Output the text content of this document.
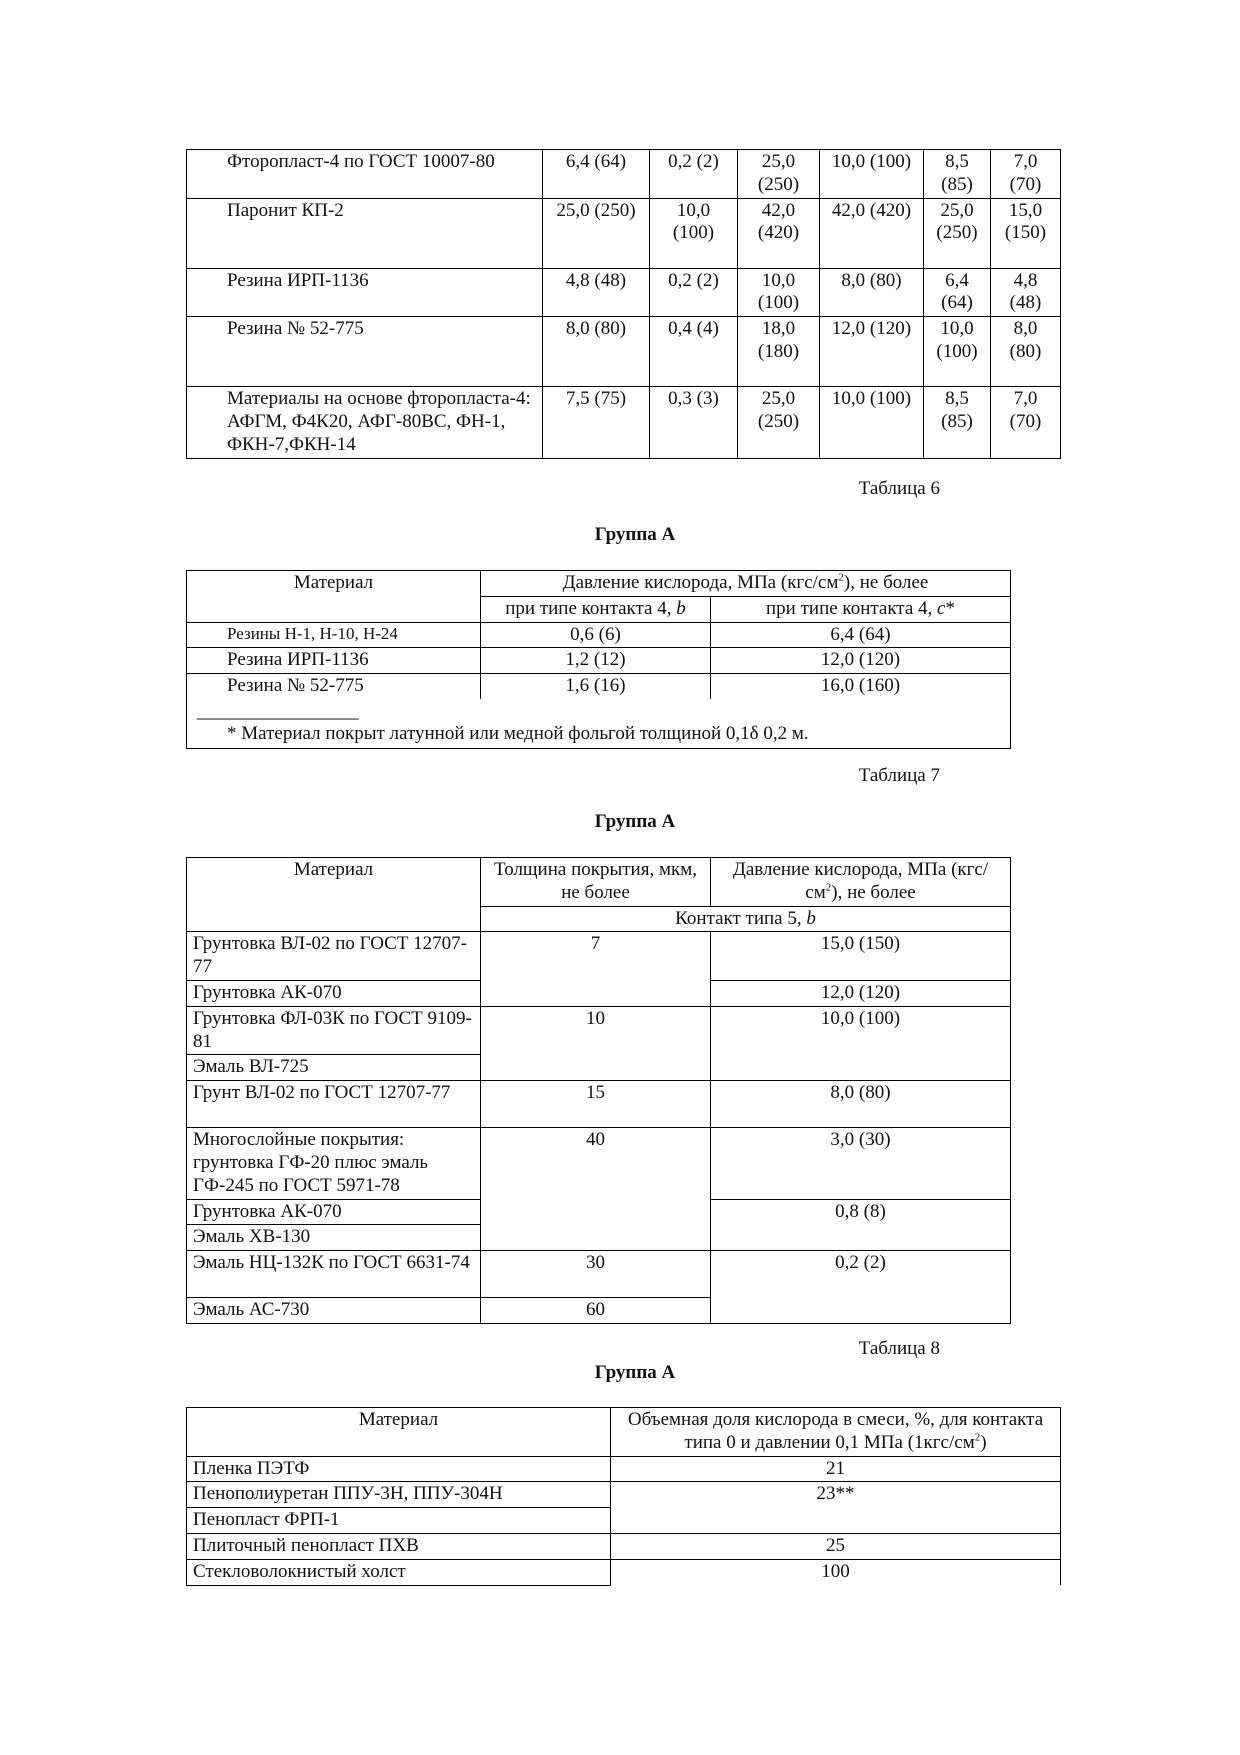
Фторопласт-4 по ГОСТ 10007-80	6,4 (64)	0,2 (2)	25,0 (250)	10,0 (100)	8,5 (85)	7,0 (70)
Паронит КП-2	25,0 (250)	10,0 (100)	42,0 (420)	42,0 (420)	25,0 (250)	15,0 (150)
Резина ИРП-1136	4,8 (48)	0,2 (2)	10,0 (100)	8,0 (80)	6,4 (64)	4,8 (48)
Резина № 52-775	8,0 (80)	0,4 (4)	18,0 (180)	12,0 (120)	10,0 (100)	8,0 (80)
Материалы на основе фторопласта-4: АФГМ, Ф4К20, АФГ-80ВС, ФН-1, ФКН-7,ФКН-14	7,5 (75)	0,3 (3)	25,0 (250)	10,0 (100)	8,5 (85)	7,0 (70)
Таблица 6
Группа А
Материал	Давление кислорода, МПа $(кгс/см^2)$, не более	
	при типе контакта 4, b	при типе контакта 4, c*
Резины Н-1, Н-10, Н-24	0,6 (6)	6,4 (64)
Резина ИРП-1136	1,2 (12)	12,0 (120)
Резина № 52-775	1,6 (16)	16,0 (160)

_________________
* Материал покрыт латунной или медной фольгой толщиной 0,1δ 0,2 м.		
Таблица 7
Группа А
Материал	Толщина покрытия, мкм, не более	Давление кислорода, МПа $(кгс/см^2)$, не более
	Контакт типа 5, b	
Грунтовка ВЛ-02 по ГОСТ 12707-77	7	15,0 (150)
Грунтовка АК-070		12,0 (120)
Грунтовка ФЛ-03К по ГОСТ 9109-81	10	10,0 (100)
Эмаль ВЛ-725		
Грунт ВЛ-02 по ГОСТ 12707-77	15	8,0 (80)
Многослойные покрытия: грунтовка ГФ-20 плюс эмаль ГФ-245 по ГОСТ 5971-78	40	3,0 (30)
Грунтовка АК-070		0,8 (8)
Эмаль ХВ-130		
Эмаль НЦ-132К по ГОСТ 6631-74	30	0,2 (2)
Эмаль АС-730	60	
Таблица 8
Группа А
Материал	Объемная доля кислорода в смеси, %, для контакта типа 0 и давлении 0,1 МПа $(1кгс/см^2)$
Пленка ПЭТФ	21
Пенополиуретан ППУ-3Н, ППУ-304Н	23**
Пенопласт ФРП-1	
Плиточный пенопласт ПХВ	25
Стекловолокнистый холст	100
